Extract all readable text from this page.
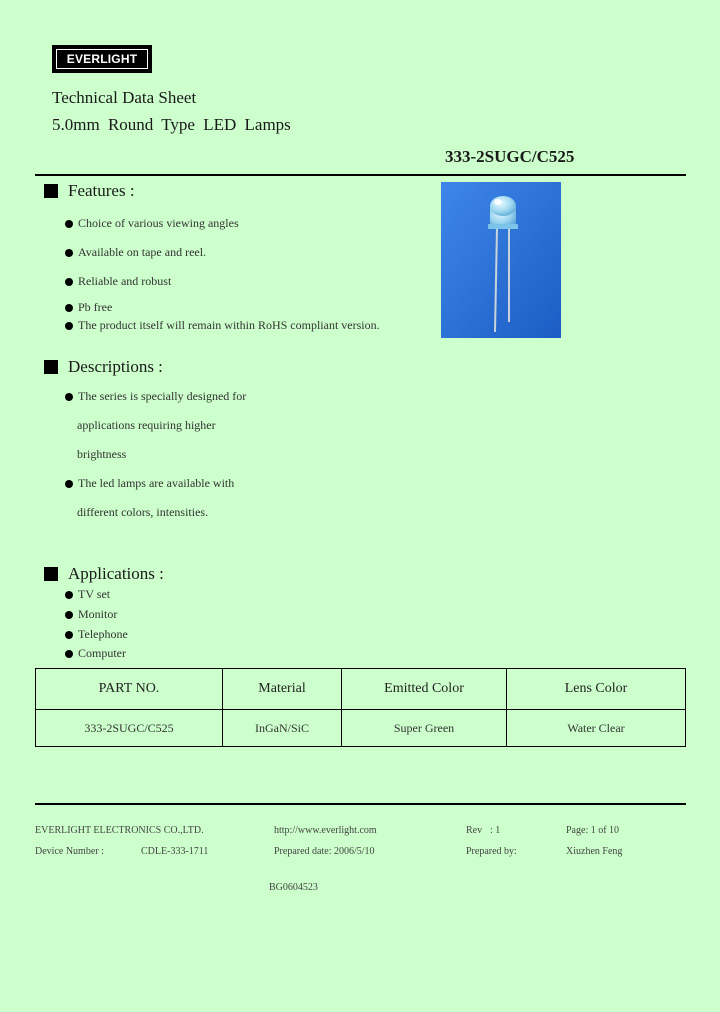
EVERLIGHT
Technical Data Sheet
5.0mm Round Type LED Lamps
333-2SUGC/C525
Features :
Choice of various viewing angles
Available on tape and reel.
Reliable and robust
Pb free
The product itself will remain within RoHS compliant version.
Descriptions :
The series is specially designed for
applications requiring higher
brightness
The led lamps are available with
different colors, intensities.
Applications :
TV set
Monitor
Telephone
Computer
PART NO.	Material	Emitted Color	Lens Color
333-2SUGC/C525	InGaN/SiC	Super Green	Water Clear
EVERLIGHT ELECTRONICS CO.,LTD.	http://www.everlight.com	Rev : 1	Page: 1 of 10
Device Number :	CDLE-333-1711	Prepared date: 2006/5/10	Prepared by:	Xiuzhen Feng
BG0604523
